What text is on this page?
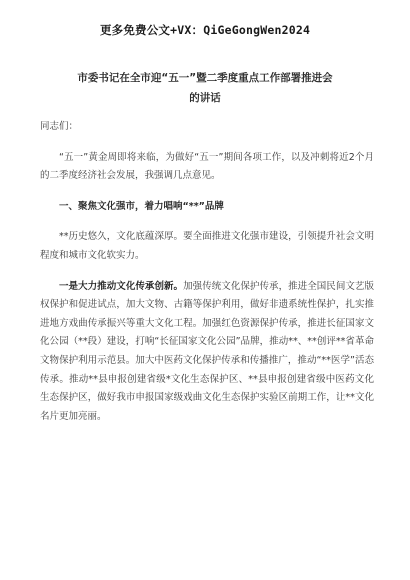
更多免费公文+VX：QiGeGongWen2024
市委书记在全市迎“五一”暨二季度重点工作部署推进会
的讲话

同志们：

“五一”黄金周即将来临，为做好“五一”期间各项工作，以及冲刺将近2个月的二季度经济社会发展，我强调几点意见。

一、聚焦文化强市，着力唱响“**”品牌

**历史悠久，文化底蕴深厚。要全面推进文化强市建设，引领提升社会文明程度和城市文化软实力。

一是大力推动文化传承创新。加强传统文化保护传承，推进全国民间文艺版权保护和促进试点，加大文物、古籍等保护利用，做好非遗系统性保护，扎实推进地方戏曲传承振兴等重大文化工程。加强红色资源保护传承，推进长征国家文化公园（**段）建设，打响“长征国家文化公园”品牌，推动**、**创评**省革命文物保护利用示范县。加大中医药文化保护传承和传播推广，推动“**医学”活态传承。推动**县申报创建省级*文化生态保护区、**县申报创建省级中医药文化生态保护区，做好我市申报国家级戏曲文化生态保护实验区前期工作，让**文化名片更加亮丽。
